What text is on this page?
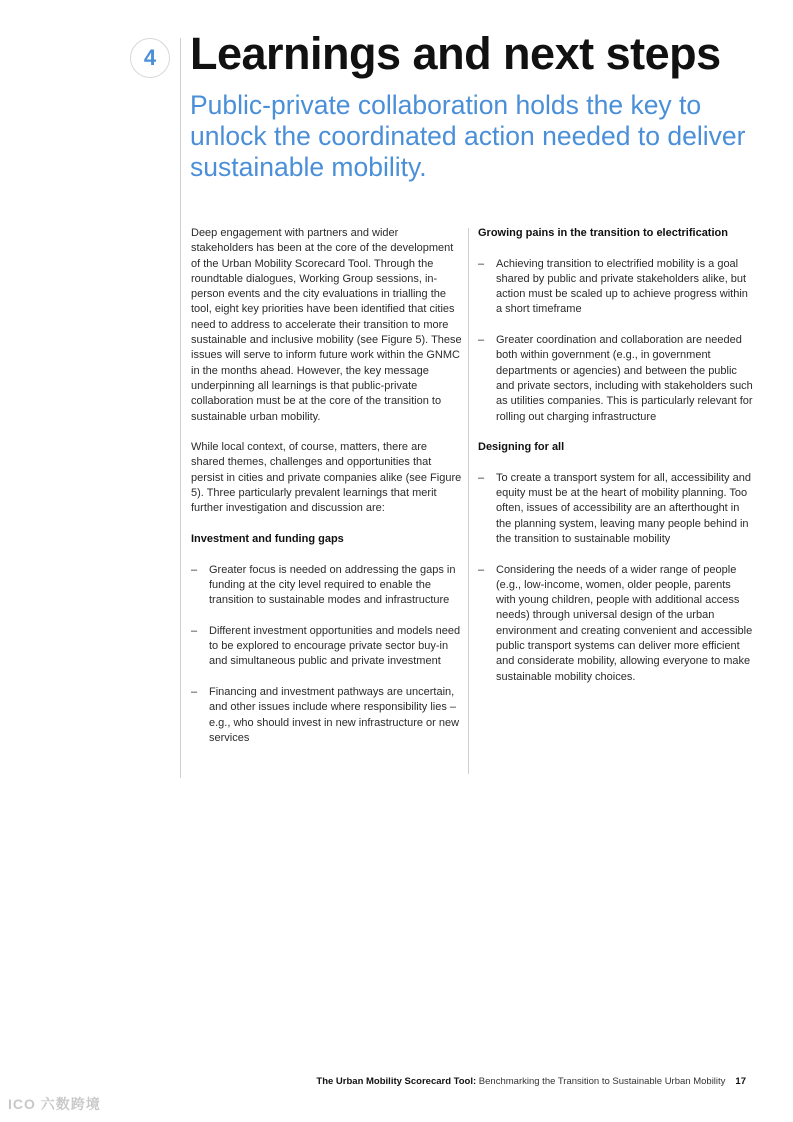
4 Learnings and next steps
Public-private collaboration holds the key to unlock the coordinated action needed to deliver sustainable mobility.

Deep engagement with partners and wider stakeholders has been at the core of the development of the Urban Mobility Scorecard Tool. Through the roundtable dialogues, Working Group sessions, in-person events and the city evaluations in trialling the tool, eight key priorities have been identified that cities need to address to accelerate their transition to more sustainable and inclusive mobility (see Figure 5). These issues will serve to inform future work within the GNMC in the months ahead. However, the key message underpinning all learnings is that public-private collaboration must be at the core of the transition to sustainable urban mobility.

While local context, of course, matters, there are shared themes, challenges and opportunities that persist in cities and private companies alike (see Figure 5). Three particularly prevalent learnings that merit further investigation and discussion are:

Investment and funding gaps
– Greater focus is needed on addressing the gaps in funding at the city level required to enable the transition to sustainable modes and infrastructure
– Different investment opportunities and models need to be explored to encourage private sector buy-in and simultaneous public and private investment
– Financing and investment pathways are uncertain, and other issues include where responsibility lies – e.g., who should invest in new infrastructure or new services
Growing pains in the transition to electrification
– Achieving transition to electrified mobility is a goal shared by public and private stakeholders alike, but action must be scaled up to achieve progress within a short timeframe
– Greater coordination and collaboration are needed both within government (e.g., in government departments or agencies) and between the public and private sectors, including with stakeholders such as utilities companies. This is particularly relevant for rolling out charging infrastructure
Designing for all
– To create a transport system for all, accessibility and equity must be at the heart of mobility planning. Too often, issues of accessibility are an afterthought in the planning system, leaving many people behind in the transition to sustainable mobility
– Considering the needs of a wider range of people (e.g., low-income, women, older people, parents with young children, people with additional access needs) through universal design of the urban environment and creating convenient and accessible public transport systems can deliver more efficient and considerate mobility, allowing everyone to make sustainable mobility choices.
The Urban Mobility Scorecard Tool: Benchmarking the Transition to Sustainable Urban Mobility 17
ICO 六数跨境
